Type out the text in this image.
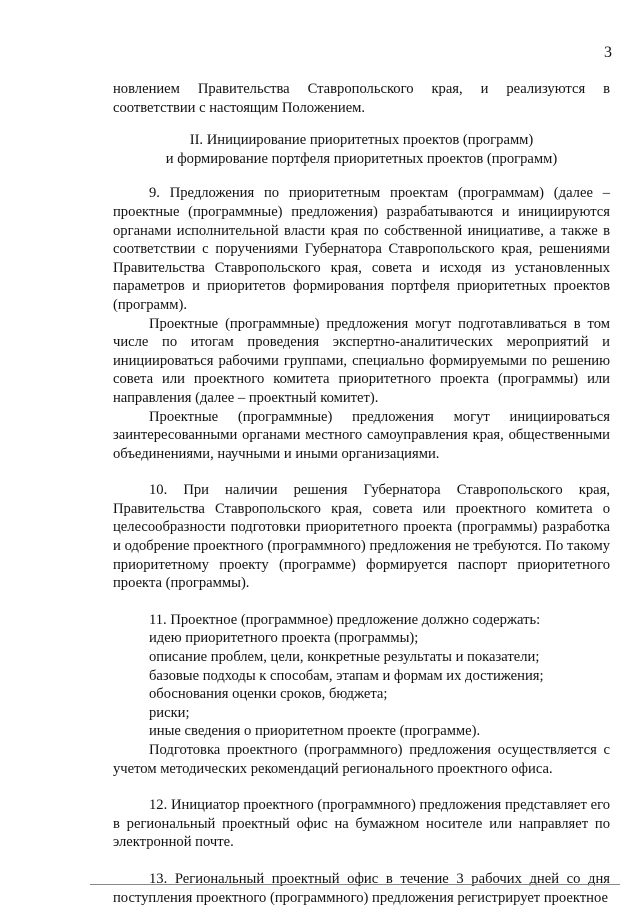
3

новлением Правительства Ставропольского края, и реализуются в соответствии с настоящим Положением.

II. Инициирование приоритетных проектов (программ)
и формирование портфеля приоритетных проектов (программ)

9. Предложения по приоритетным проектам (программам) (далее – проектные (программные) предложения) разрабатываются и инициируются органами исполнительной власти края по собственной инициативе, а также в соответствии с поручениями Губернатора Ставропольского края, решениями Правительства Ставропольского края, совета и исходя из установленных параметров и приоритетов формирования портфеля приоритетных проектов (программ).

Проектные (программные) предложения могут подготавливаться в том числе по итогам проведения экспертно-аналитических мероприятий и инициироваться рабочими группами, специально формируемыми по решению совета или проектного комитета приоритетного проекта (программы) или направления (далее – проектный комитет).

Проектные (программные) предложения могут инициироваться заинтересованными органами местного самоуправления края, общественными объединениями, научными и иными организациями.

10. При наличии решения Губернатора Ставропольского края, Правительства Ставропольского края, совета или проектного комитета о целесообразности подготовки приоритетного проекта (программы) разработка и одобрение проектного (программного) предложения не требуются. По такому приоритетному проекту (программе) формируется паспорт приоритетного проекта (программы).

11. Проектное (программное) предложение должно содержать:

идею приоритетного проекта (программы);

описание проблем, цели, конкретные результаты и показатели;

базовые подходы к способам, этапам и формам их достижения;

обоснования оценки сроков, бюджета;

риски;

иные сведения о приоритетном проекте (программе).

Подготовка проектного (программного) предложения осуществляется с учетом методических рекомендаций регионального проектного офиса.

12. Инициатор проектного (программного) предложения представляет его в региональный проектный офис на бумажном носителе или направляет по электронной почте.

13. Региональный проектный офис в течение 3 рабочих дней со дня поступления проектного (программного) предложения регистрирует проектное
